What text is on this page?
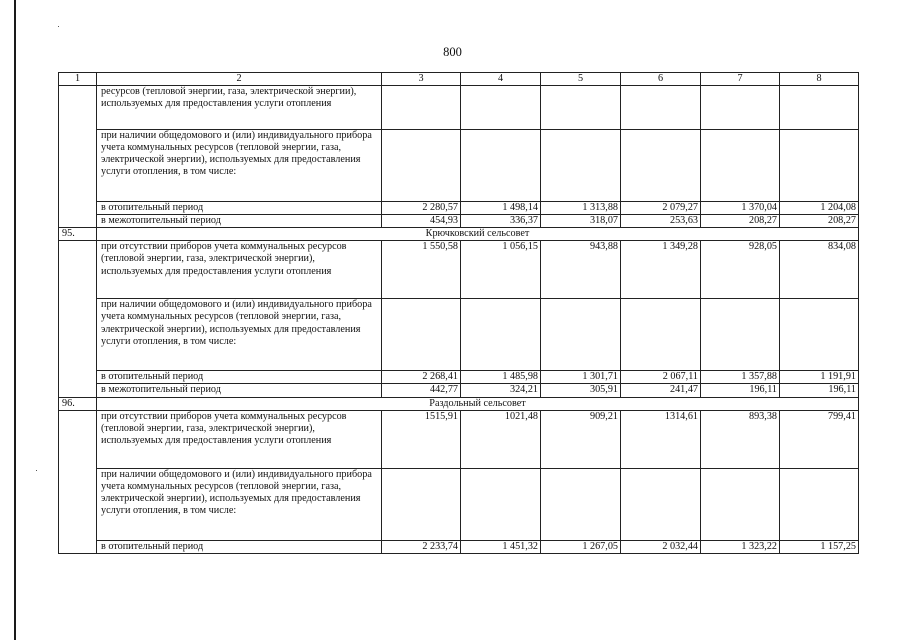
800
1	2	3	4	5	6	7	8
	ресурсов (тепловой энергии, газа, электрической энергии), используемых для предоставления услуги отопления						
	при наличии общедомового и (или) индивидуального прибора учета коммунальных ресурсов (тепловой энергии, газа, электрической энергии), используемых для предоставления услуги отопления, в том числе:						
	в отопительный период	2 280,57	1 498,14	1 313,88	2 079,27	1 370,04	1 204,08
	в межотопительный период	454,93	336,37	318,07	253,63	208,27	208,27
95.	Крючковский сельсовет						
	при отсутствии приборов учета коммунальных ресурсов (тепловой энергии, газа, электрической энергии), используемых для предоставления услуги отопления	1 550,58	1 056,15	943,88	1 349,28	928,05	834,08
	при наличии общедомового и (или) индивидуального прибора учета коммунальных ресурсов (тепловой энергии, газа, электрической энергии), используемых для предоставления услуги отопления, в том числе:						
	в отопительный период	2 268,41	1 485,98	1 301,71	2 067,11	1 357,88	1 191,91
	в межотопительный период	442,77	324,21	305,91	241,47	196,11	196,11
96.	Раздольный сельсовет						
	при отсутствии приборов учета коммунальных ресурсов (тепловой энергии, газа, электрической энергии), используемых для предоставления услуги отопления	1515,91	1021,48	909,21	1314,61	893,38	799,41
	при наличии общедомового и (или) индивидуального прибора учета коммунальных ресурсов (тепловой энергии, газа, электрической энергии), используемых для предоставления услуги отопления, в том числе:						
	в отопительный период	2 233,74	1 451,32	1 267,05	2 032,44	1 323,22	1 157,25
